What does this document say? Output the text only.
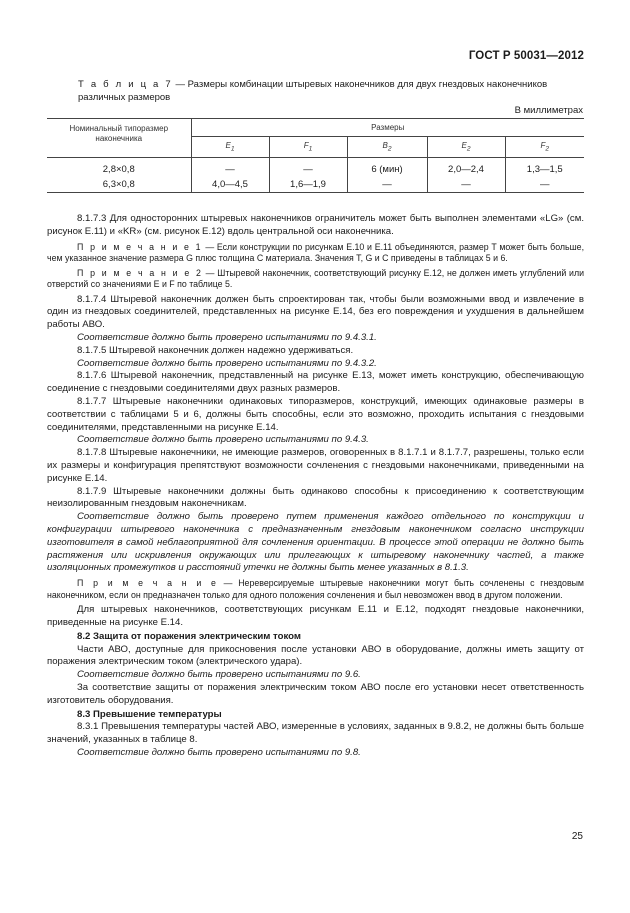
ГОСТ Р 50031—2012
Т а б л и ц а 7 — Размеры комбинации штыревых наконечников для двух гнездовых наконечников различных размеров
В миллиметрах
Номинальный типоразмер наконечника	Размеры				
	$E_1$	$F_1$	$B_2$	$E_2$	$F_2$

2,8×0,8	—	—	6 (мин)	2,0—2,4	1,3—1,5
6,3×0,8	4,0—4,5	1,6—1,9	—	—	—

8.1.7.3 Для односторонних штыревых наконечников ограничитель может быть выполнен элементами «LG» (см. рисунок Е.11) и «KR» (см. рисунок Е.12) вдоль центральной оси наконечника.

П р и м е ч а н и е 1 — Если конструкции по рисункам Е.10 и Е.11 объединяются, размер T может быть больше, чем указанное значение размера G плюс толщина С материала. Значения T, G и С приведены в таблицах 5 и 6.

П р и м е ч а н и е 2 — Штыревой наконечник, соответствующий рисунку Е.12, не должен иметь углублений или отверстий со значениями E и F по таблице 5.

8.1.7.4 Штыревой наконечник должен быть спроектирован так, чтобы были возможными ввод и извлечение в один из гнездовых соединителей, представленных на рисунке Е.14, без его повреждения и ухудшения в дальнейшем работы АВО.

Соответствие должно быть проверено испытаниями по 9.4.3.1.

8.1.7.5 Штыревой наконечник должен надежно удерживаться.

Соответствие должно быть проверено испытаниями по 9.4.3.2.

8.1.7.6 Штыревой наконечник, представленный на рисунке Е.13, может иметь конструкцию, обеспечивающую соединение с гнездовыми соединителями двух разных размеров.

8.1.7.7 Штыревые наконечники одинаковых типоразмеров, конструкций, имеющих одинаковые размеры в соответствии с таблицами 5 и 6, должны быть способны, если это возможно, проходить испытания с гнездовыми соединителями, представленными на рисунке Е.14.

Соответствие должно быть проверено испытаниями по 9.4.3.

8.1.7.8 Штыревые наконечники, не имеющие размеров, оговоренных в 8.1.7.1 и 8.1.7.7, разрешены, только если их размеры и конфигурация препятствуют возможности сочленения с гнездовыми наконечниками, приведенными на рисунке Е.14.

8.1.7.9 Штыревые наконечники должны быть одинаково способны к присоединению к соответствующим неизолированным гнездовым наконечникам.

Соответствие должно быть проверено путем применения каждого отдельного по конструкции и конфигурации штыревого наконечника с предназначенным гнездовым наконечником согласно инструкции изготовителя в самой неблагоприятной для сочленения ориентации. В процессе этой операции не должно быть растяжения или искривления окружающих или прилегающих к штыревому наконечнику частей, а также изоляционных промежутков и расстояний утечки не должны быть менее указанных в 8.1.3.

П р и м е ч а н и е — Нереверсируемые штыревые наконечники могут быть сочленены с гнездовым наконечником, если он предназначен только для одного положения сочленения и был невозможен ввод в другом положении.

Для штыревых наконечников, соответствующих рисункам Е.11 и Е.12, подходят гнездовые наконечники, приведенные на рисунке Е.14.

8.2 Защита от поражения электрическим током

Части АВО, доступные для прикосновения после установки АВО в оборудование, должны иметь защиту от поражения электрическим током (электрического удара).

Соответствие должно быть проверено испытаниями по 9.6.

За соответствие защиты от поражения электрическим током АВО после его установки несет ответственность изготовитель оборудования.

8.3 Превышение температуры

8.3.1 Превышения температуры частей АВО, измеренные в условиях, заданных в 9.8.2, не должны быть больше значений, указанных в таблице 8.

Соответствие должно быть проверено испытаниями по 9.8.

25
